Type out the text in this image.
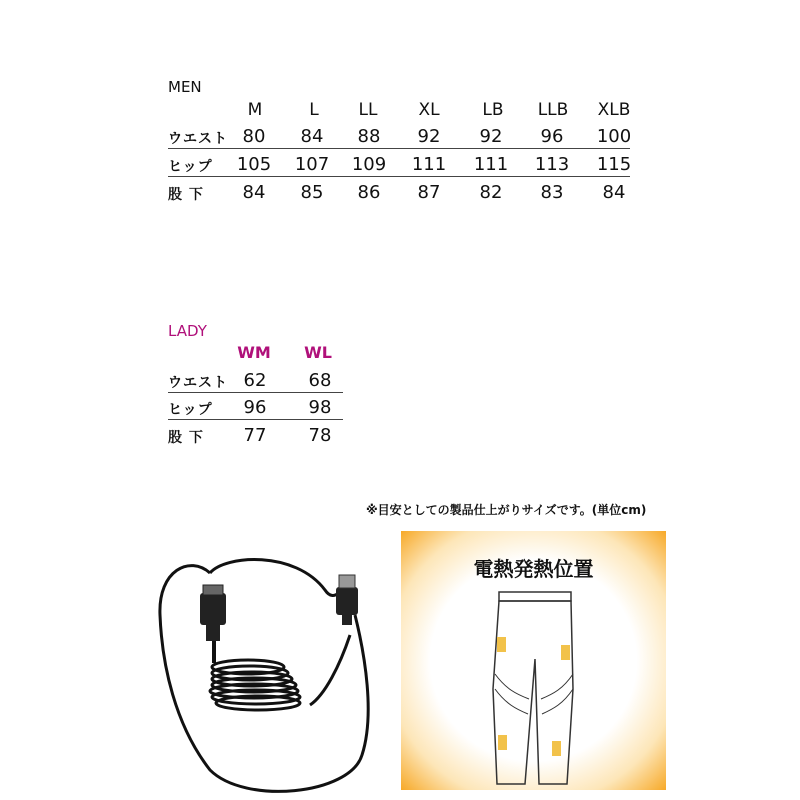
MEN
M	L	LL	XL	LB	LLB	XLB
ウエスト 80	84	88	92	92	96	100
ヒップ	105	107	109	111	111	113	115
股 下	84	85	86	87	82	83	84
LADY
WM	WL
ウエスト 62	68
ヒップ	96	98
股 下	77	78
※目安としての製品仕上がりサイズです。(単位cm)
電熱発熱位置
